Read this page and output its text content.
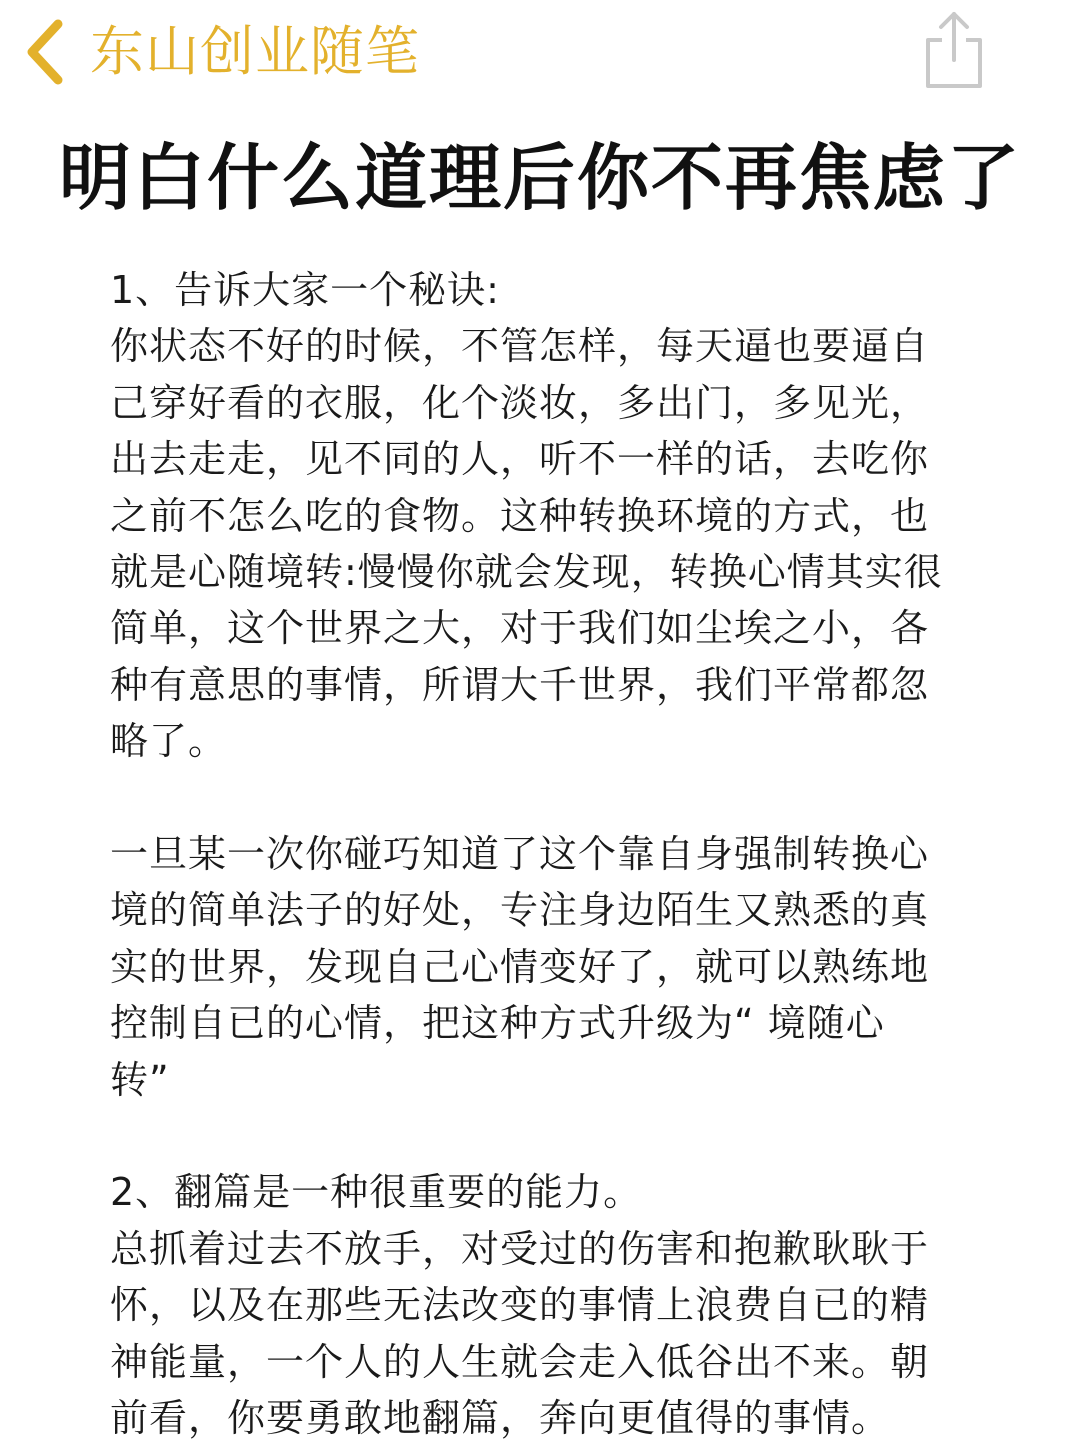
东山创业随笔
明白什么道理后你不再焦虑了

1、告诉大家一个秘诀:

你状态不好的时候，不管怎样，每天逼也要逼自

己穿好看的衣服，化个淡妆，多出门，多见光，

出去走走，见不同的人，听不一样的话，去吃你

之前不怎么吃的食物。这种转换环境的方式，也

就是心随境转:慢慢你就会发现，转换心情其实很

简单，这个世界之大，对于我们如尘埃之小，各

种有意思的事情，所谓大千世界，我们平常都忽

略了。

一旦某一次你碰巧知道了这个靠自身强制转换心

境的简单法子的好处，专注身边陌生又熟悉的真

实的世界，发现自己心情变好了，就可以熟练地

控制自已的心情，把这种方式升级为“ 境随心

转”

2、翻篇是一种很重要的能力。

总抓着过去不放手，对受过的伤害和抱歉耿耿于

怀，以及在那些无法改变的事情上浪费自已的精

神能量，一个人的人生就会走入低谷出不来。朝

前看，你要勇敢地翻篇，奔向更值得的事情。
